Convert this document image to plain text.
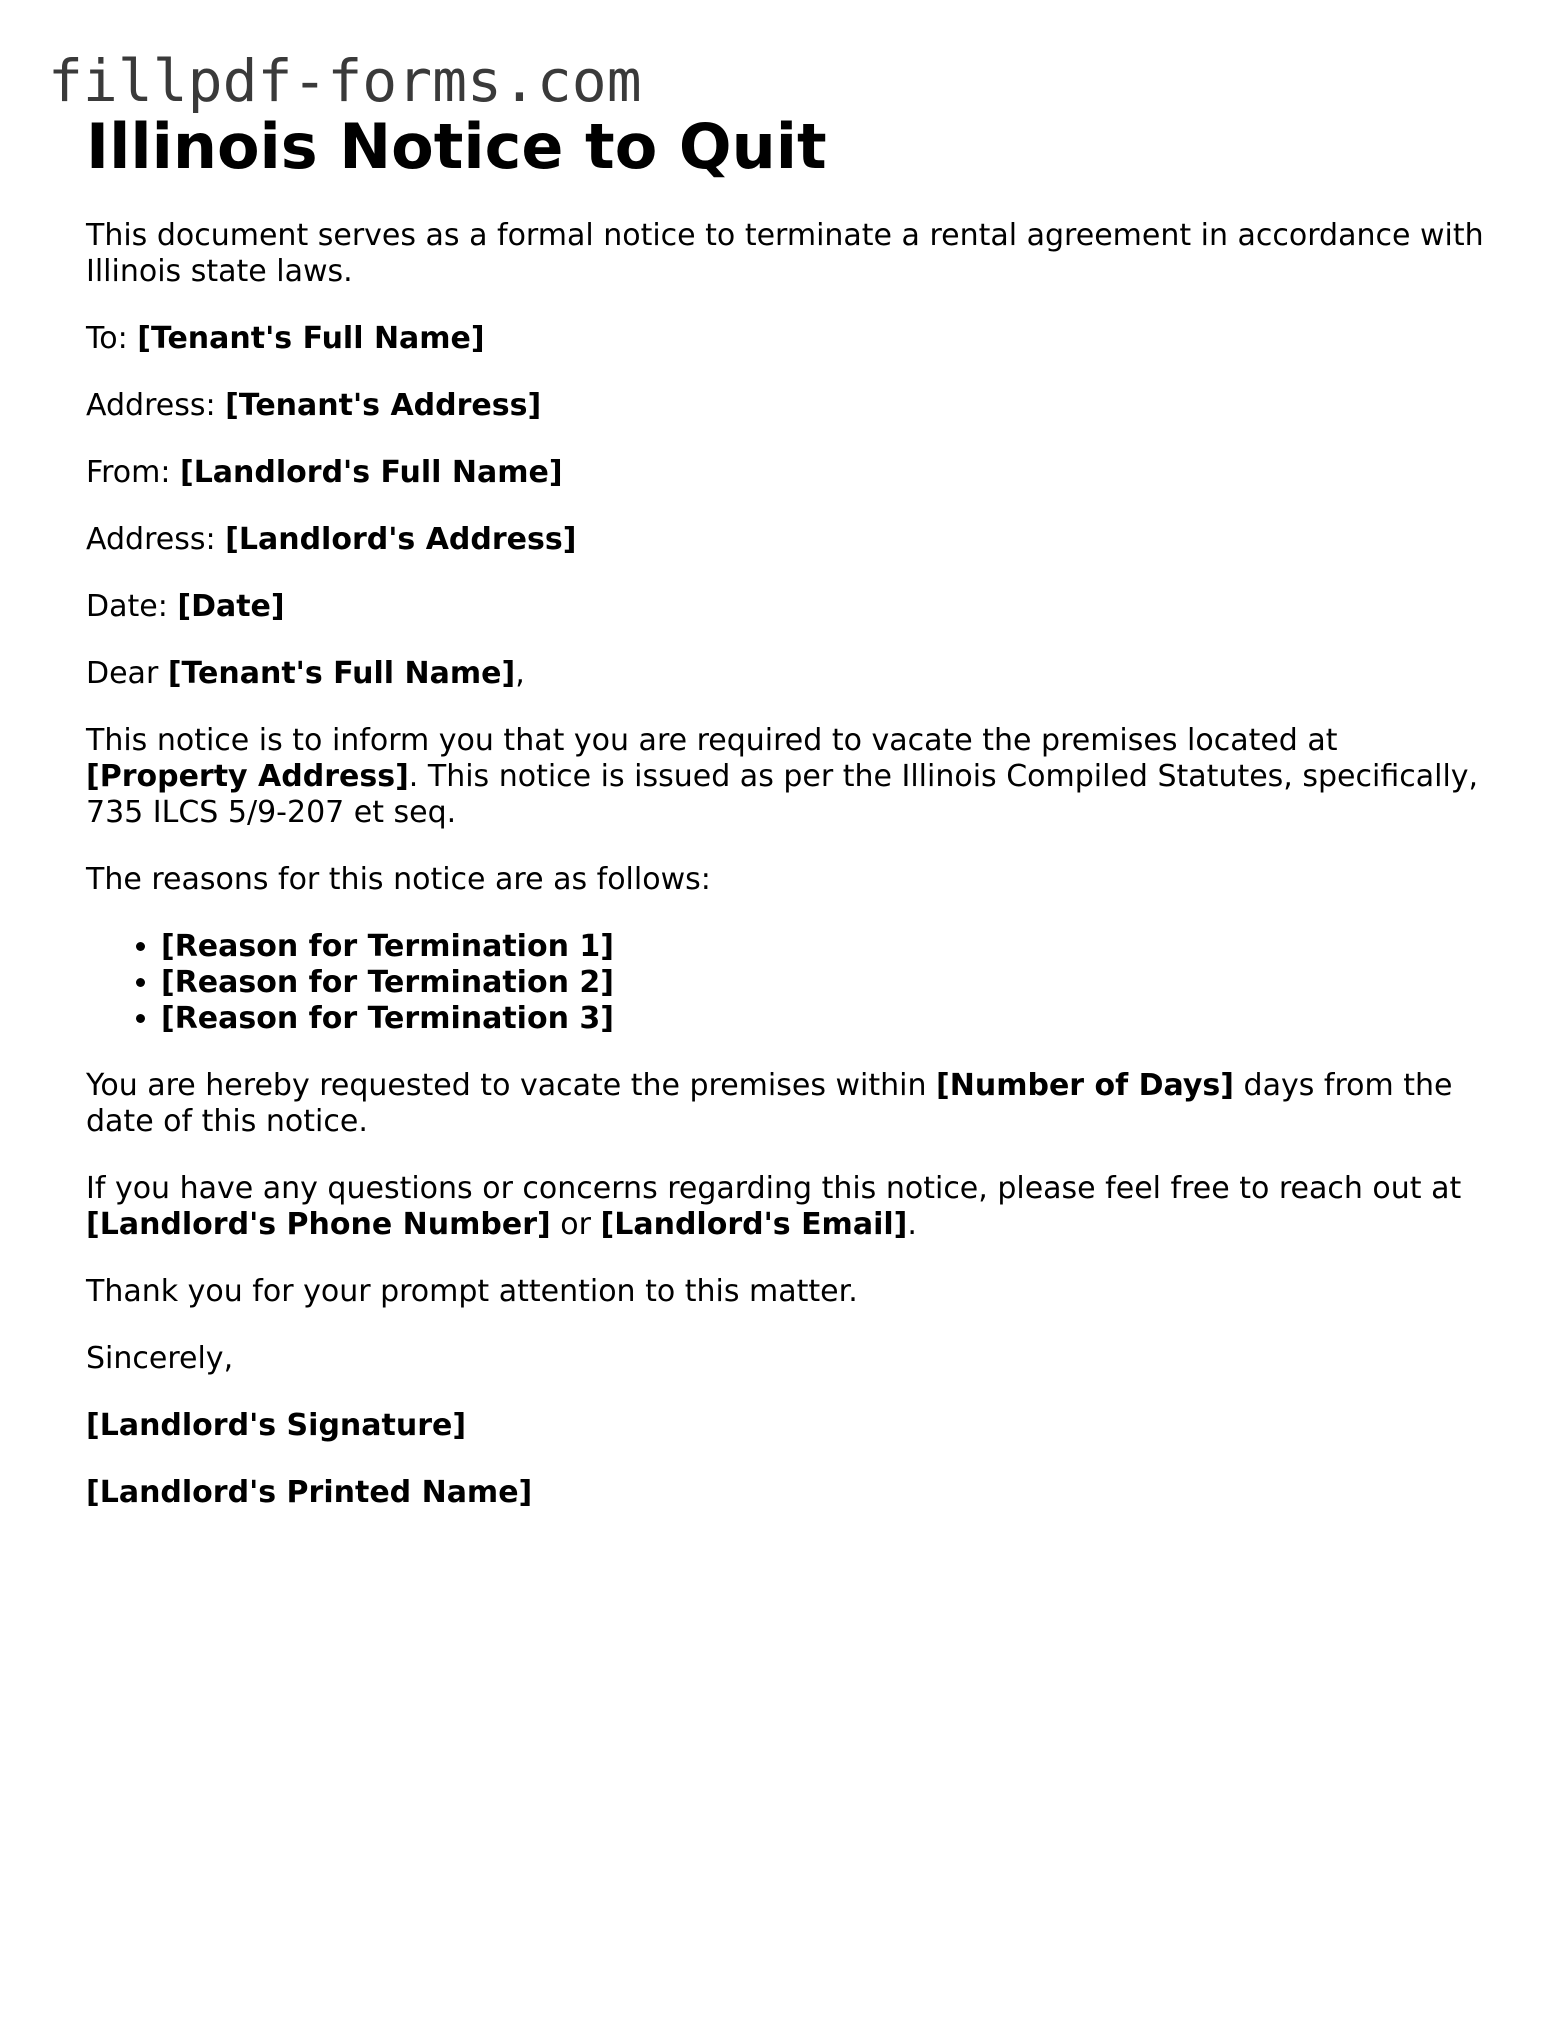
fillpdf-forms.com
Illinois Notice to Quit

This document serves as a formal notice to terminate a rental agreement in accordance with Illinois state laws.

To: [Tenant's Full Name]

Address: [Tenant's Address]

From: [Landlord's Full Name]

Address: [Landlord's Address]

Date: [Date]

Dear [Tenant's Full Name],

This notice is to inform you that you are required to vacate the premises located at [Property Address]. This notice is issued as per the Illinois Compiled Statutes, specifically, 735 ILCS 5/9-207 et seq.

The reasons for this notice are as follows:

• [Reason for Termination 1]
• [Reason for Termination 2]
• [Reason for Termination 3]

You are hereby requested to vacate the premises within [Number of Days] days from the date of this notice.

If you have any questions or concerns regarding this notice, please feel free to reach out at [Landlord's Phone Number] or [Landlord's Email].

Thank you for your prompt attention to this matter.

Sincerely,

[Landlord's Signature]

[Landlord's Printed Name]
